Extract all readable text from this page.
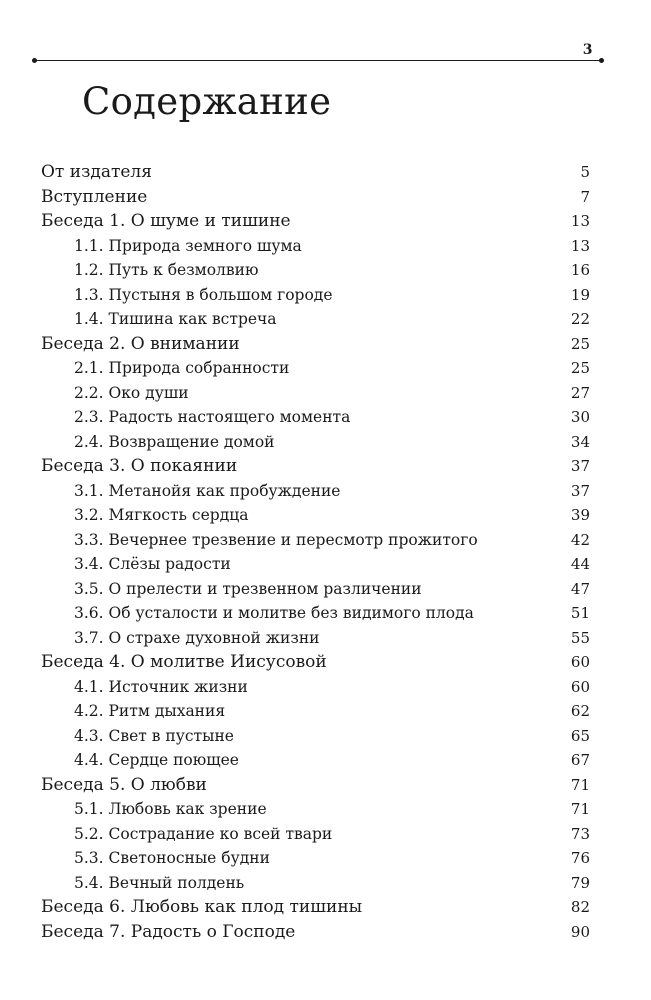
3
Содержание
От издателя	5
Вступление	7
Беседа 1. О шуме и тишине	13
1.1. Природа земного шума	13
1.2. Путь к безмолвию	16
1.3. Пустыня в большом городе	19
1.4. Тишина как встреча	22
Беседа 2. О внимании	25
2.1. Природа собранности	25
2.2. Око души	27
2.3. Радость настоящего момента	30
2.4. Возвращение домой	34
Беседа 3. О покаянии	37
3.1. Метанойя как пробуждение	37
3.2. Мягкость сердца	39
3.3. Вечернее трезвение и пересмотр прожитого	42
3.4. Слёзы радости	44
3.5. О прелести и трезвенном различении	47
3.6. Об усталости и молитве без видимого плода	51
3.7. О страхе духовной жизни	55
Беседа 4. О молитве Иисусовой	60
4.1. Источник жизни	60
4.2. Ритм дыхания	62
4.3. Свет в пустыне	65
4.4. Сердце поющее	67
Беседа 5. О любви	71
5.1. Любовь как зрение	71
5.2. Сострадание ко всей твари	73
5.3. Светоносные будни	76
5.4. Вечный полдень	79
Беседа 6. Любовь как плод тишины	82
Беседа 7. Радость о Господе	90
